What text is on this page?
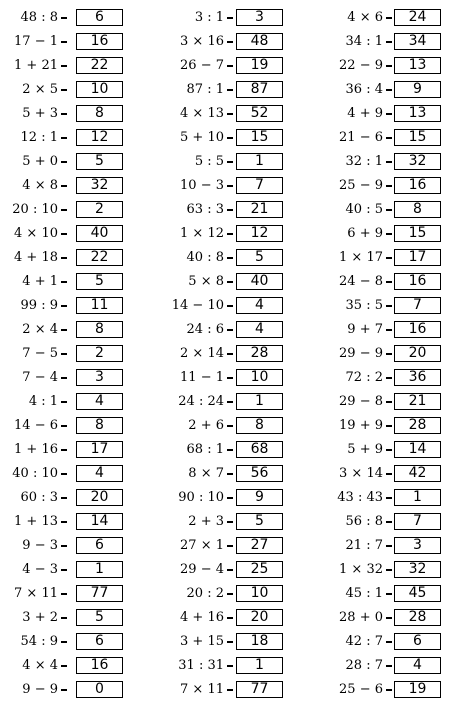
48 : 8	6
17 − 1	16
1 + 21	22
2 × 5	10
5 + 3	8
12 : 1	12
5 + 0	5
4 × 8	32
20 : 10	2
4 × 10	40
4 + 18	22
4 + 1	5
99 : 9	11
2 × 4	8
7 − 5	2
7 − 4	3
4 : 1	4
14 − 6	8
1 + 16	17
40 : 10	4
60 : 3	20
1 + 13	14
9 − 3	6
4 − 3	1
7 × 11	77
3 + 2	5
54 : 9	6
4 × 4	16
9 − 9	0
3 : 1	3
3 × 16	48
26 − 7	19
87 : 1	87
4 × 13	52
5 + 10	15
5 : 5	1
10 − 3	7
63 : 3	21
1 × 12	12
40 : 8	5
5 × 8	40
14 − 10	4
24 : 6	4
2 × 14	28
11 − 1	10
24 : 24	1
2 + 6	8
68 : 1	68
8 × 7	56
90 : 10	9
2 + 3	5
27 × 1	27
29 − 4	25
20 : 2	10
4 + 16	20
3 + 15	18
31 : 31	1
7 × 11	77
4 × 6	24
34 : 1	34
22 − 9	13
36 : 4	9
4 + 9	13
21 − 6	15
32 : 1	32
25 − 9	16
40 : 5	8
6 + 9	15
1 × 17	17
24 − 8	16
35 : 5	7
9 + 7	16
29 − 9	20
72 : 2	36
29 − 8	21
19 + 9	28
5 + 9	14
3 × 14	42
43 : 43	1
56 : 8	7
21 : 7	3
1 × 32	32
45 : 1	45
28 + 0	28
42 : 7	6
28 : 7	4
25 − 6	19
